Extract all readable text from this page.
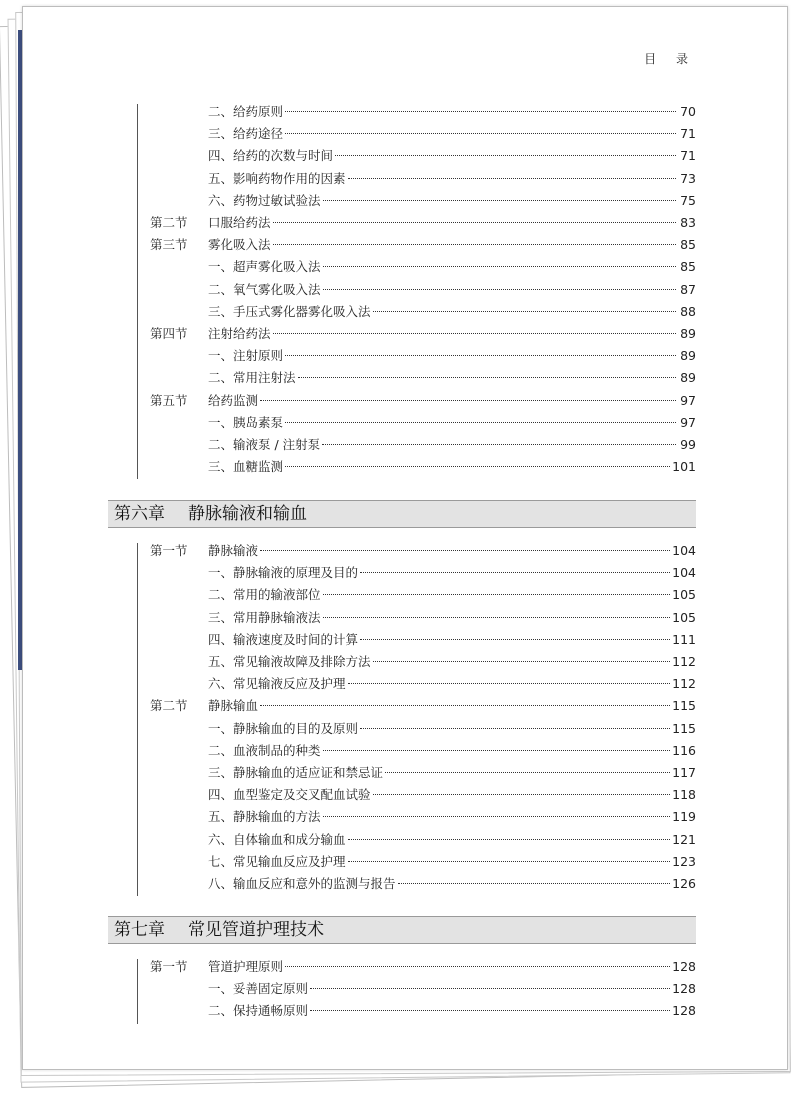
目 录
二、给药原则	70
三、给药途径	71
四、给药的次数与时间	71
五、影响药物作用的因素	73
六、药物过敏试验法	75
第二节	口服给药法	83
第三节	雾化吸入法	85
一、超声雾化吸入法	85
二、氧气雾化吸入法	87
三、手压式雾化器雾化吸入法	88
第四节	注射给药法	89
一、注射原则	89
二、常用注射法	89
第五节	给药监测	97
一、胰岛素泵	97
二、输液泵 / 注射泵	99
三、血糖监测	101
第六章 静脉输液和输血
第一节	静脉输液	104
一、静脉输液的原理及目的	104
二、常用的输液部位	105
三、常用静脉输液法	105
四、输液速度及时间的计算	111
五、常见输液故障及排除方法	112
六、常见输液反应及护理	112
第二节	静脉输血	115
一、静脉输血的目的及原则	115
二、血液制品的种类	116
三、静脉输血的适应证和禁忌证	117
四、血型鉴定及交叉配血试验	118
五、静脉输血的方法	119
六、自体输血和成分输血	121
七、常见输血反应及护理	123
八、输血反应和意外的监测与报告	126
第七章 常见管道护理技术
第一节	管道护理原则	128
一、妥善固定原则	128
二、保持通畅原则	128
